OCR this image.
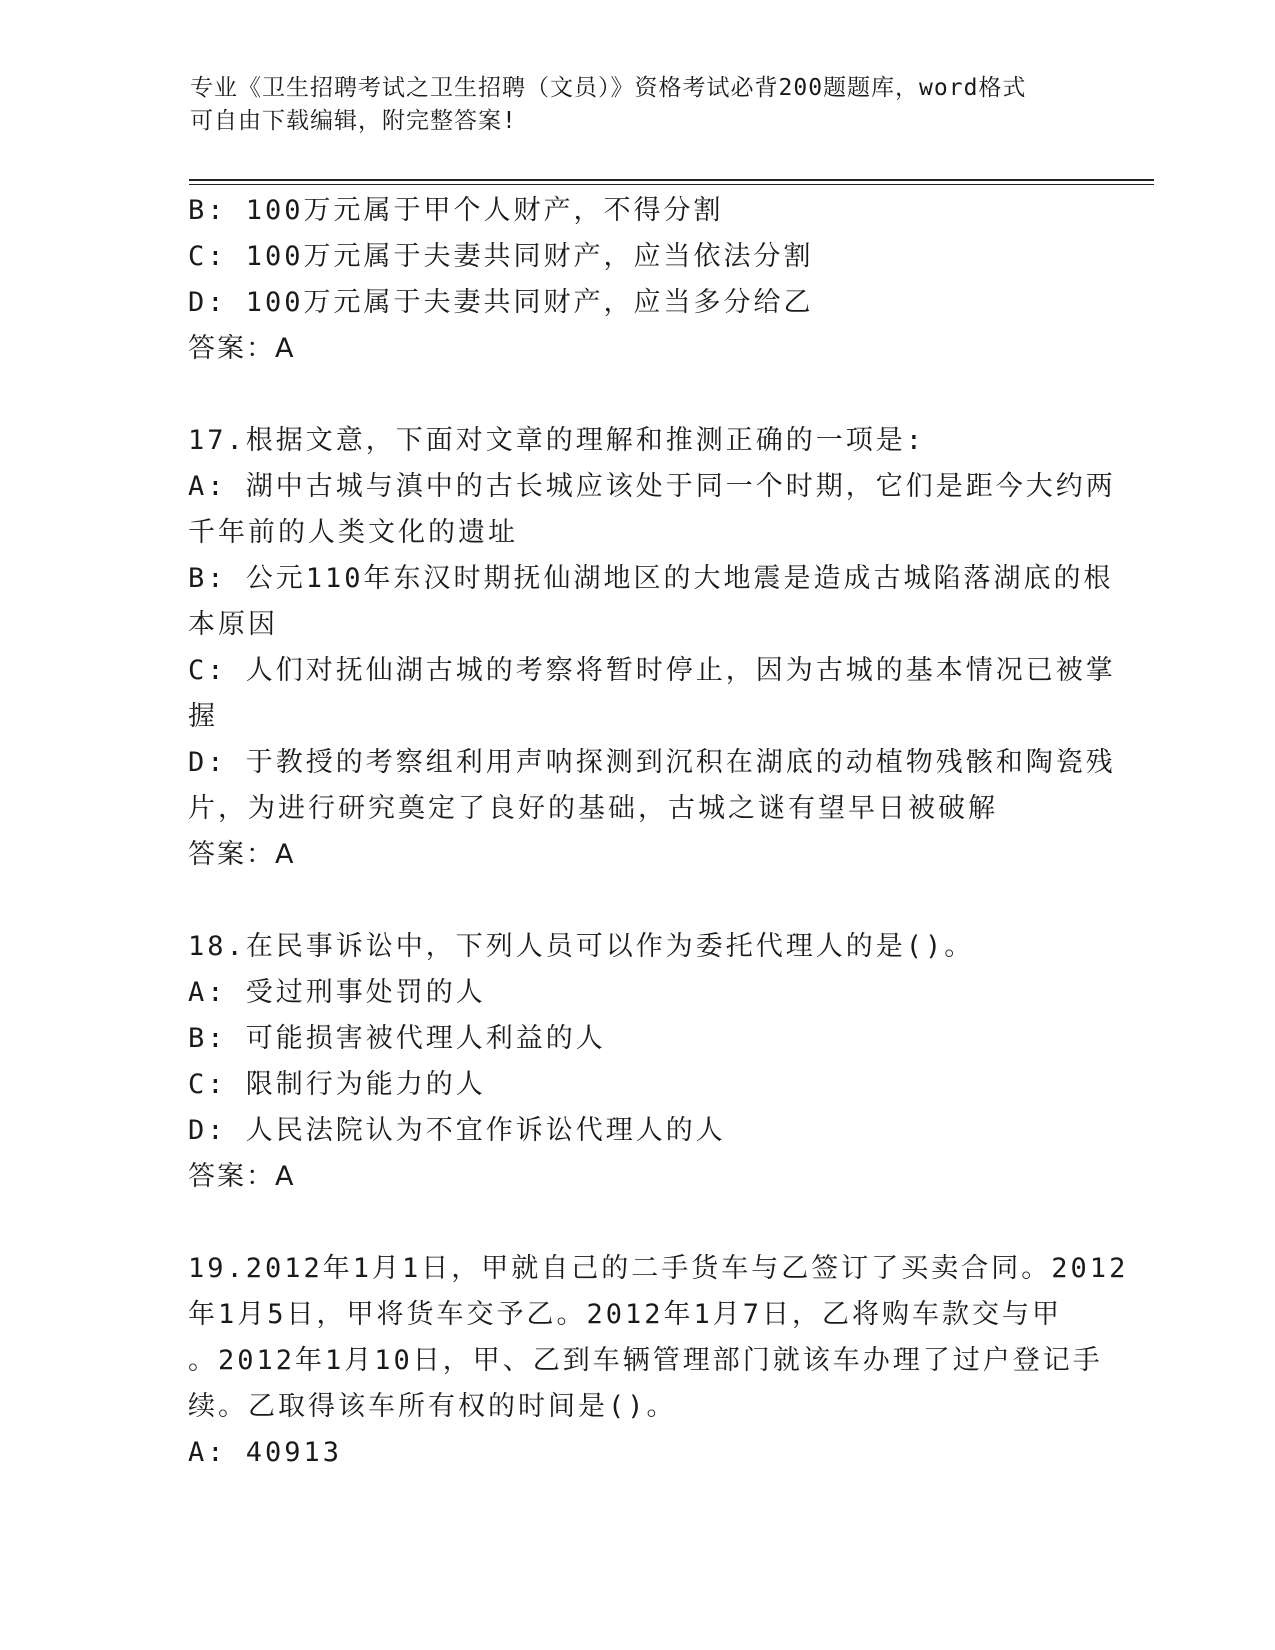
专业《卫生招聘考试之卫生招聘（文员）》资格考试必背200题题库，word格式
可自由下载编辑，附完整答案!
B: 100万元属于甲个人财产，不得分割
C: 100万元属于夫妻共同财产，应当依法分割
D: 100万元属于夫妻共同财产，应当多分给乙
答案：A
17.根据文意，下面对文章的理解和推测正确的一项是:
A: 湖中古城与滇中的古长城应该处于同一个时期，它们是距今大约两
千年前的人类文化的遗址
B: 公元110年东汉时期抚仙湖地区的大地震是造成古城陷落湖底的根
本原因
C: 人们对抚仙湖古城的考察将暂时停止，因为古城的基本情况已被掌
握
D: 于教授的考察组利用声呐探测到沉积在湖底的动植物残骸和陶瓷残
片，为进行研究奠定了良好的基础，古城之谜有望早日被破解
答案：A
18.在民事诉讼中，下列人员可以作为委托代理人的是()。
A: 受过刑事处罚的人
B: 可能损害被代理人利益的人
C: 限制行为能力的人
D: 人民法院认为不宜作诉讼代理人的人
答案：A
19.2012年1月1日，甲就自己的二手货车与乙签订了买卖合同。2012
年1月5日，甲将货车交予乙。2012年1月7日，乙将购车款交与甲
。2012年1月10日，甲、乙到车辆管理部门就该车办理了过户登记手
续。乙取得该车所有权的时间是()。
A: 40913
